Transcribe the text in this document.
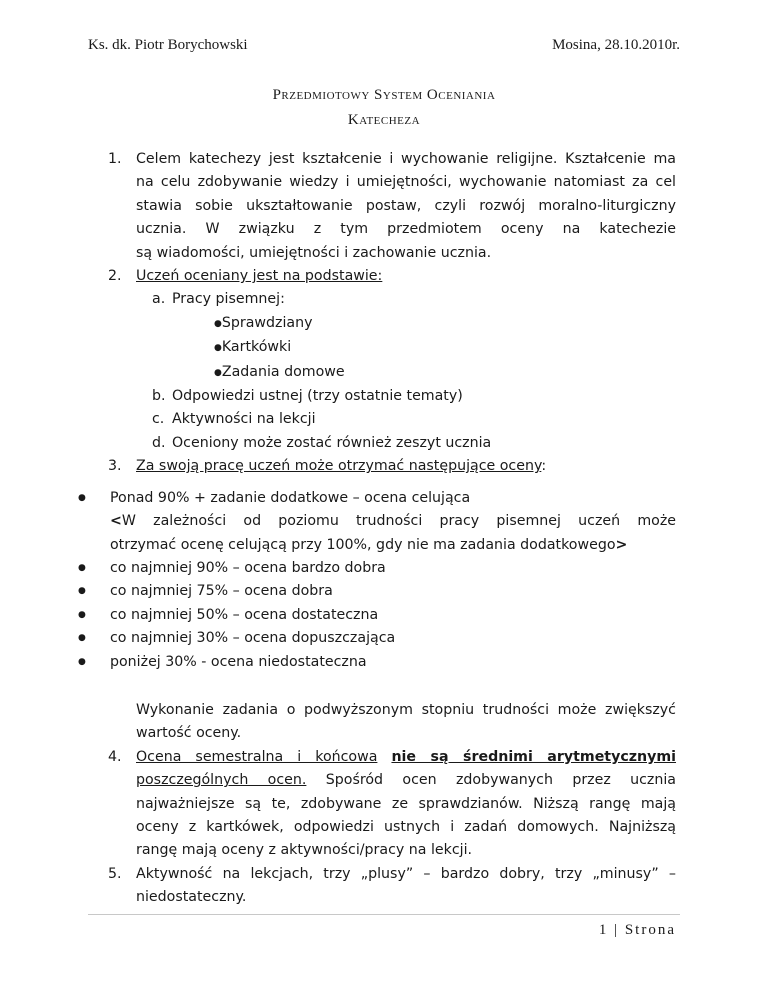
Ks. dk. Piotr Borychowski	Mosina, 28.10.2010r.
Przedmiotowy System Oceniania
Katecheza
1.	Celem katechezy jest kształcenie i wychowanie religijne. Kształcenie ma
na celu zdobywanie wiedzy i umiejętności, wychowanie natomiast za cel
stawia sobie ukształtowanie postaw, czyli rozwój moralno-liturgiczny
ucznia. W związku z tym przedmiotem oceny na katechezie
są wiadomości, umiejętności i zachowanie ucznia.
2.	Uczeń oceniany jest na podstawie:
a. Pracy pisemnej:
●Sprawdziany
●Kartkówki
●Zadania domowe
b. Odpowiedzi ustnej (trzy ostatnie tematy)
c. Aktywności na lekcji
d. Oceniony może zostać również zeszyt ucznia
3.	Za swoją pracę uczeń może otrzymać następujące oceny:
●	Ponad 90% + zadanie dodatkowe – ocena celująca
<W zależności od poziomu trudności pracy pisemnej uczeń może
otrzymać ocenę celującą przy 100%, gdy nie ma zadania dodatkowego>
●	co najmniej 90% – ocena bardzo dobra
●	co najmniej 75% – ocena dobra
●	co najmniej 50% – ocena dostateczna
●	co najmniej 30% – ocena dopuszczająca
●	poniżej 30% - ocena niedostateczna
Wykonanie zadania o podwyższonym stopniu trudności może zwiększyć
wartość oceny.
4.	Ocena semestralna i końcowa nie są średnimi arytmetycznymi
poszczególnych ocen. Spośród ocen zdobywanych przez ucznia
najważniejsze są te, zdobywane ze sprawdzianów. Niższą rangę mają
oceny z kartkówek, odpowiedzi ustnych i zadań domowych. Najniższą
rangę mają oceny z aktywności/pracy na lekcji.
5.	Aktywność na lekcjach, trzy „plusy” – bardzo dobry, trzy „minusy” –
niedostateczny.
1 | Strona
